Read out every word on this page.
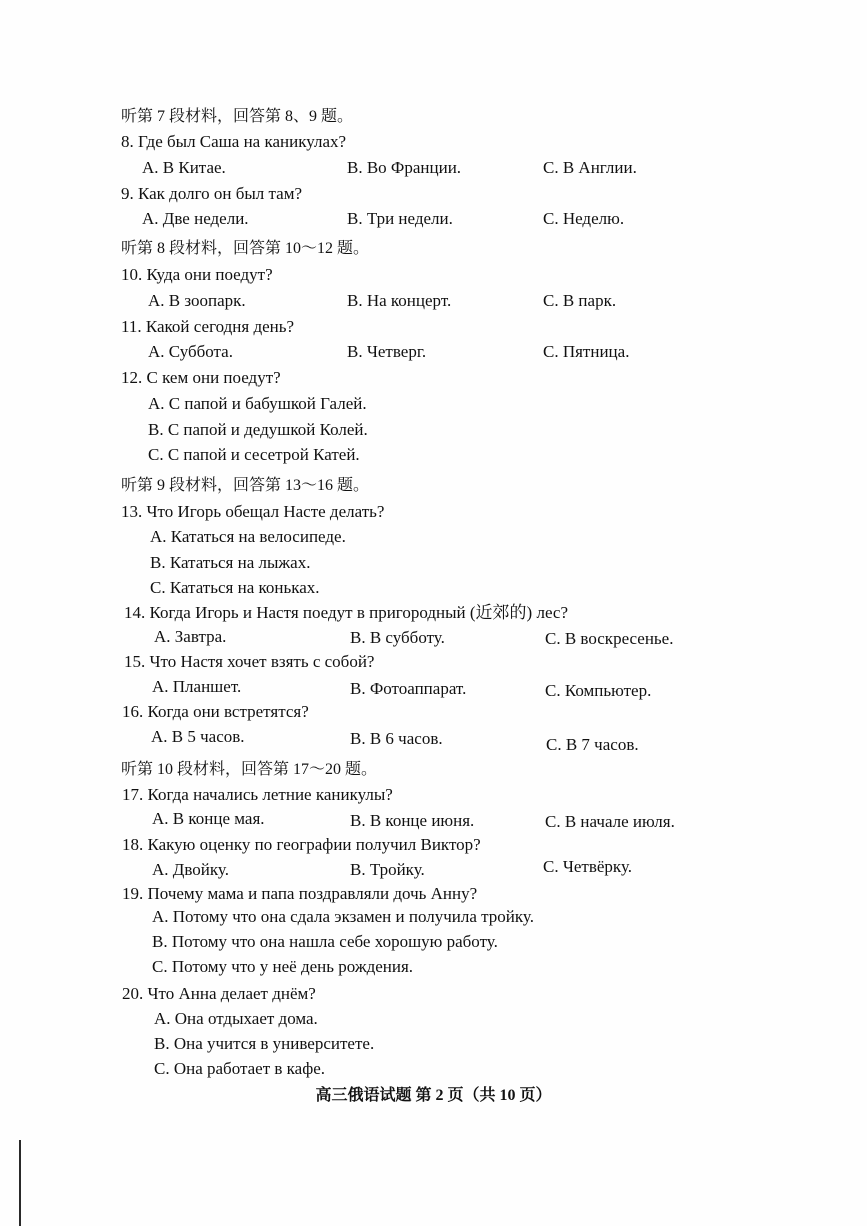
听第 7 段材料，回答第 8、9 题。
8. Где был Саша на каникулах?
A. В Китае.	B. Во Франции.	C. В Англии.
9. Как долго он был там?
A. Две недели.	B. Три недели.	C. Неделю.
听第 8 段材料，回答第 10～12 题。
10. Куда они поедут?
A. В зоопарк.	B. На концерт.	C. В парк.
11. Какой сегодня день?
A. Суббота.	B. Четверг.	C. Пятница.
12. С кем они поедут?
A. С папой и бабушкой Галей.
B. С папой и дедушкой Колей.
C. С папой и сесетрой Катей.
听第 9 段材料，回答第 13～16 题。
13. Что Игорь обещал Насте делать?
A. Кататься на велосипеде.
B. Кататься на лыжах.
C. Кататься на коньках.
14. Когда Игорь и Настя поедут в пригородный (近郊的) лес?
A. Завтра.	B. В субботу.	C. В воскресенье.
15. Что Настя хочет взять с собой?
A. Планшет.	B. Фотоаппарат.	C. Компьютер.
16. Когда они встретятся?
A. В 5 часов.	B. В 6 часов.	C. В 7 часов.
听第 10 段材料，回答第 17～20 题。
17. Когда начались летние каникулы?
A. В конце мая.	B. В конце июня.	C. В начале июля.
18. Какую оценку по географии получил Виктор?
A. Двойку.	B. Тройку.	C. Четвёрку.
19. Почему мама и папа поздравляли дочь Анну?
A. Потому что она сдала экзамен и получила тройку.
B. Потому что она нашла себе хорошую работу.
C. Потому что у неё день рождения.
20. Что Анна делает днём?
A. Она отдыхает дома.
B. Она учится в университете.
C. Она работает в кафе.
高三俄语试题 第 2 页（共 10 页）
